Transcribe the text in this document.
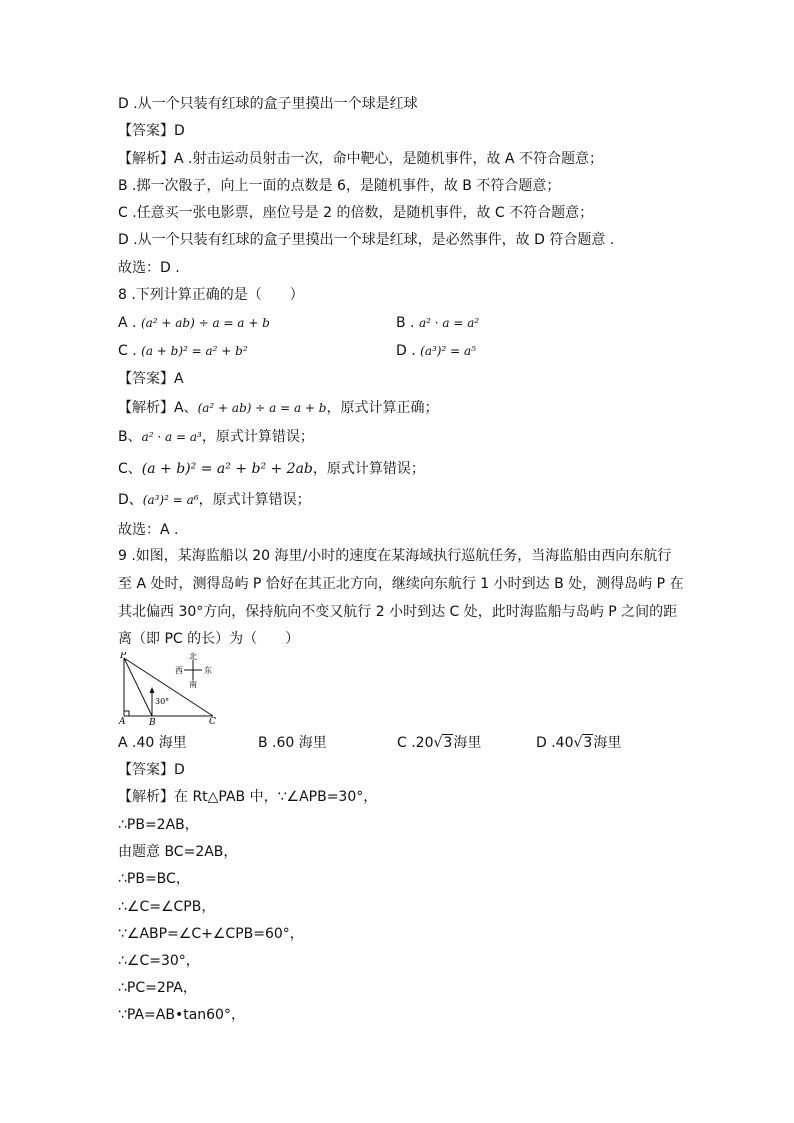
D .从一个只装有红球的盒子里摸出一个球是红球
【答案】D
【解析】A .射击运动员射击一次，命中靶心，是随机事件，故 A 不符合题意；
B .掷一次骰子，向上一面的点数是 6，是随机事件，故 B 不符合题意；
C .任意买一张电影票，座位号是 2 的倍数，是随机事件，故 C 不符合题意；
D .从一个只装有红球的盒子里摸出一个球是红球，是必然事件，故 D 符合题意 .
故选：D .
8 .下列计算正确的是（　　）
A . (a² + ab) ÷ a = a + b	B . a² · a = a²
C . (a + b)² = a² + b²	D . (a³)² = a⁵
【答案】A
【解析】A、(a² + ab) ÷ a = a + b，原式计算正确；
B、a² · a = a³，原式计算错误；
C、(a + b)² = a² + b² + 2ab，原式计算错误；
D、(a³)² = a⁶，原式计算错误；
故选：A .
9 .如图，某海监船以 20 海里/小时的速度在某海域执行巡航任务，当海监船由西向东航行
至 A 处时，测得岛屿 P 恰好在其正北方向，继续向东航行 1 小时到达 B 处，测得岛屿 P 在
其北偏西 30°方向，保持航向不变又航行 2 小时到达 C 处，此时海监船与岛屿 P 之间的距
离（即 PC 的长）为（　　）
P
A	B	C
30°
北
南
西	东
A .40 海里	B .60 海里	C .20√3海里	D .40√3海里
【答案】D
【解析】在 Rt△PAB 中，∵∠APB=30°，
∴PB=2AB，
由题意 BC=2AB，
∴PB=BC，
∴∠C=∠CPB，
∵∠ABP=∠C+∠CPB=60°，
∴∠C=30°，
∴PC=2PA，
∵PA=AB•tan60°，
